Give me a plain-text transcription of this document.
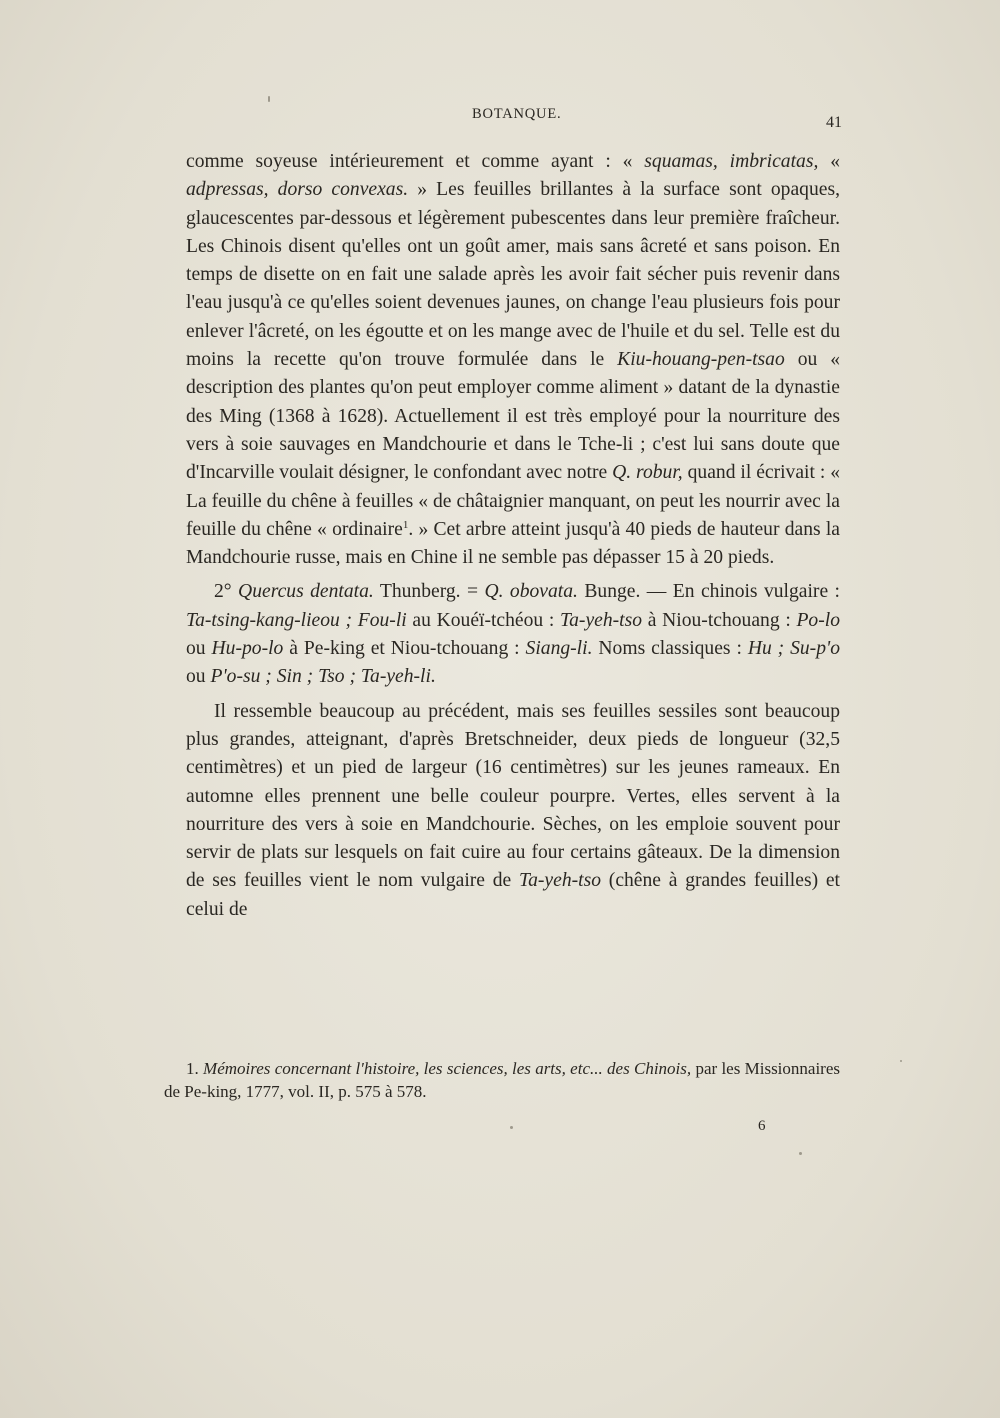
BOTANQUE.	41

comme soyeuse intérieurement et comme ayant : « squamas, imbricatas, « adpressas, dorso convexas. » Les feuilles brillantes à la surface sont opaques, glaucescentes par-dessous et légèrement pubescentes dans leur première fraîcheur. Les Chinois disent qu'elles ont un goût amer, mais sans âcreté et sans poison. En temps de disette on en fait une salade après les avoir fait sécher puis revenir dans l'eau jusqu'à ce qu'elles soient devenues jaunes, on change l'eau plusieurs fois pour enlever l'âcreté, on les égoutte et on les mange avec de l'huile et du sel. Telle est du moins la recette qu'on trouve formulée dans le Kiu-houang-pen-tsao ou « description des plantes qu'on peut employer comme aliment » datant de la dynastie des Ming (1368 à 1628). Actuellement il est très employé pour la nourriture des vers à soie sauvages en Mandchourie et dans le Tche-li ; c'est lui sans doute que d'Incarville voulait désigner, le confondant avec notre Q. robur, quand il écrivait : « La feuille du chêne à feuilles « de châtaignier manquant, on peut les nourrir avec la feuille du chêne « ordinaire$^1$. » Cet arbre atteint jusqu'à 40 pieds de hauteur dans la Mandchourie russe, mais en Chine il ne semble pas dépasser 15 à 20 pieds.

2° Quercus dentata. Thunberg. = Q. obovata. Bunge. — En chinois vulgaire : Ta-tsing-kang-lieou ; Fou-li au Kouéï-tchéou : Ta-yeh-tso à Niou-tchouang : Po-lo ou Hu-po-lo à Pe-king et Niou-tchouang : Siang-li. Noms classiques : Hu ; Su-p'o ou P'o-su ; Sin ; Tso ; Ta-yeh-li.

Il ressemble beaucoup au précédent, mais ses feuilles sessiles sont beaucoup plus grandes, atteignant, d'après Bretschneider, deux pieds de longueur (32,5 centimètres) et un pied de largeur (16 centimètres) sur les jeunes rameaux. En automne elles prennent une belle couleur pourpre. Vertes, elles servent à la nourriture des vers à soie en Mandchourie. Sèches, on les emploie souvent pour servir de plats sur lesquels on fait cuire au four certains gâteaux. De la dimension de ses feuilles vient le nom vulgaire de Ta-yeh-tso (chêne à grandes feuilles) et celui de

1. Mémoires concernant l'histoire, les sciences, les arts, etc... des Chinois, par les Missionnaires de Pe-king, 1777, vol. II, p. 575 à 578.
6
